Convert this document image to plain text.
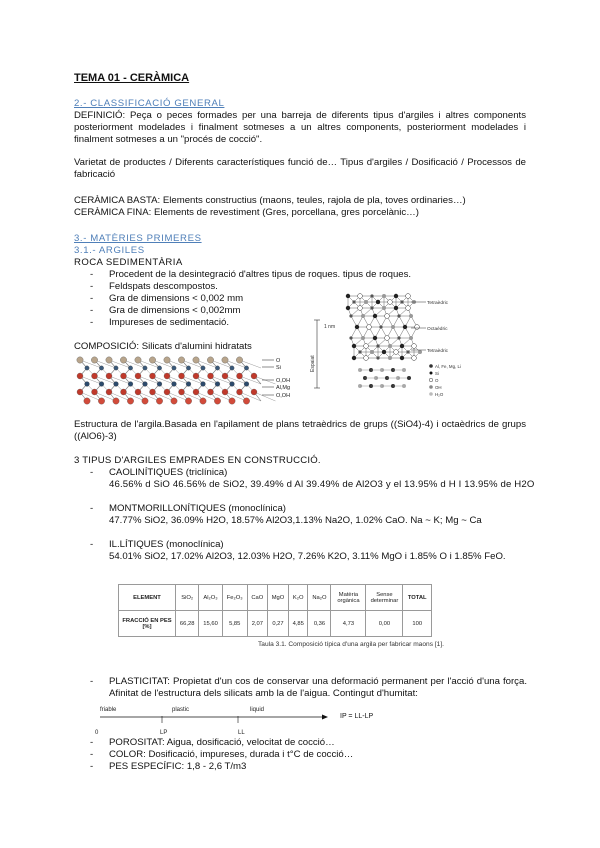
TEMA 01 - CERÀMICA
2.- CLASSIFICACIÓ GENERAL
DEFINICIÓ: Peça o peces formades per una barreja de diferents tipus d'argiles i altres components posteriorment modelades i finalment sotmeses a un altres components, posteriorment modelades i finalment sotmeses a un "procés de cocció".
Varietat de productes / Diferents característiques funció de… Tipus d'argiles / Dosificació / Processos de fabricació
CERÀMICA BASTA: Elements constructius (maons, teules, rajola de pla, toves ordinaries…)
CERÀMICA FINA: Elements de revestiment (Gres, porcellana, gres porcelànic…)
3.- MATÈRIES PRIMERES
3.1.- ARGILES
ROCA SEDIMENTÀRIA
- Procedent de la desintegració d'altres tipus de roques. tipus de roques.
- Feldspats descompostos.
- Gra de dimensions < 0,002 mm
- Gra de dimensions < 0,002mm
- Impureses de sedimentació.
COMPOSICIÓ: Silicats d'alumini hidratats
O
Si
O,OH
Al,Mg
O,OH
Espaiat
1 nm
Tetraèdric
Octaèdric
Tetraèdric
Al, Fe, Mg, Li
Si
O
OH
H₂O
Estructura de l'argila.Basada en l'apilament de plans tetraèdrics de grups ((SiO4)-4) i octaèdrics de grups ((AlO6)-3)
3 TIPUS D'ARGILES EMPRADES EN CONSTRUCCIÓ.
- CAOLINÍTIQUES (triclínica)
46.56% d SiO 46.56% de SiO2, 39.49% d Al 39.49% de Al2O3 y el 13.95% d H I 13.95% de H2O
- MONTMORILLONÍTIQUES (monoclínica)
47.77% SiO2, 36.09% H2O, 18.57% Al2O3,1.13% Na2O, 1.02% CaO. Na ~ K; Mg ~ Ca
- IL.LÍTIQUES (monoclínica)
54.01% SiO2, 17.02% Al2O3, 12.03% H2O, 7.26% K2O, 3.11% MgO i 1.85% O i 1.85% FeO.
ELEMENT	SiO₂	Al₂O₃	Fe₂O₃	CaO	MgO	K₂O	Na₂O	Matèria orgànica	Sense determinar	TOTAL
FRACCIÓ EN PES [%]	66,28	15,60	5,85	2,07	0,27	4,85	0,36	4,73	0,00	100
Taula 3.1. Composició típica d'una argila per fabricar maons [1].
- PLASTICITAT: Propietat d'un cos de conservar una deformació permanent per l'acció d'una força. Afinitat de l'estructura dels silicats amb la de l'aigua. Contingut d'humitat:
friable	plastic	liquid
0	LP	LL
IP = LL-LP
- POROSITAT: Aigua, dosificació, velocitat de cocció…
- COLOR: Dosificació, impureses, durada i t°C de cocció…
- PES ESPECÍFIC: 1,8 - 2,6 T/m3
